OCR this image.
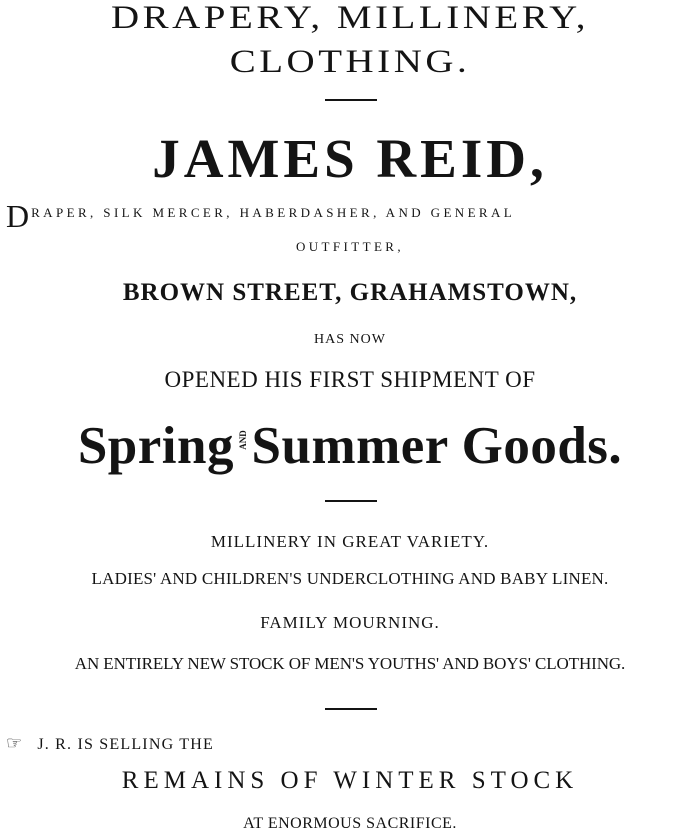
DRAPERY, MILLINERY,
CLOTHING.
JAMES REID,
DRAPER, SILK MERCER, HABERDASHER, AND GENERAL
OUTFITTER,
BROWN STREET, GRAHAMSTOWN,
HAS NOW
OPENED HIS FIRST SHIPMENT OF
Spring ANDSummer Goods.
MILLINERY IN GREAT VARIETY.
LADIES' AND CHILDREN'S UNDERCLOTHING AND BABY LINEN.
FAMILY MOURNING.
AN ENTIRELY NEW STOCK OF MEN'S YOUTHS' AND BOYS' CLOTHING.
☞ J. R. IS SELLING THE
REMAINS OF WINTER STOCK
AT ENORMOUS SACRIFICE.
